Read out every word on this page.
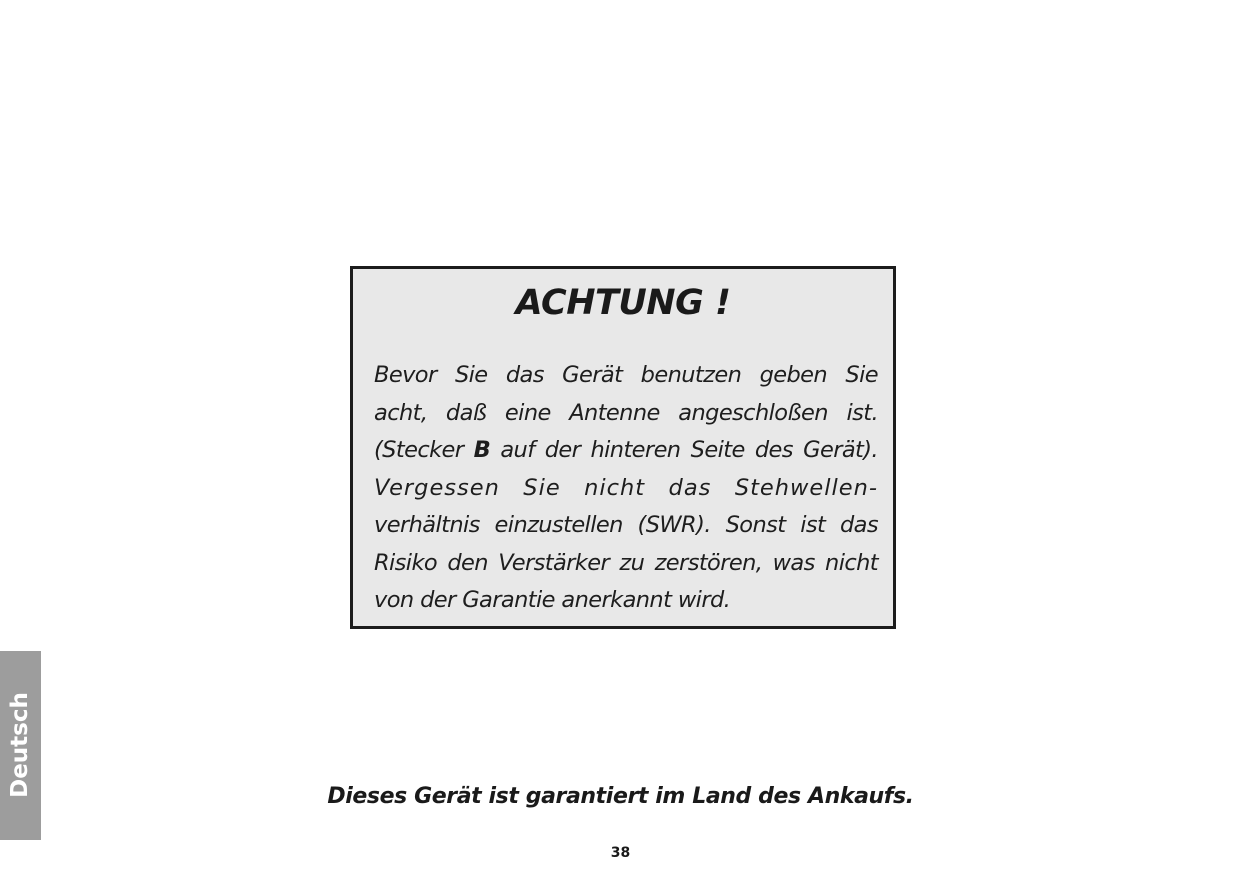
ACHTUNG !
Bevor Sie das Gerät benutzen geben Sie
acht, daß eine Antenne angeschloßen ist.
(Stecker B auf der hinteren Seite des Gerät).
Vergessen Sie nicht das Stehwellen-
verhältnis einzustellen (SWR). Sonst ist das
Risiko den Verstärker zu zerstören, was nicht
von der Garantie anerkannt wird.
Deutsch	Dieses Gerät ist garantiert im Land des Ankaufs.
38
